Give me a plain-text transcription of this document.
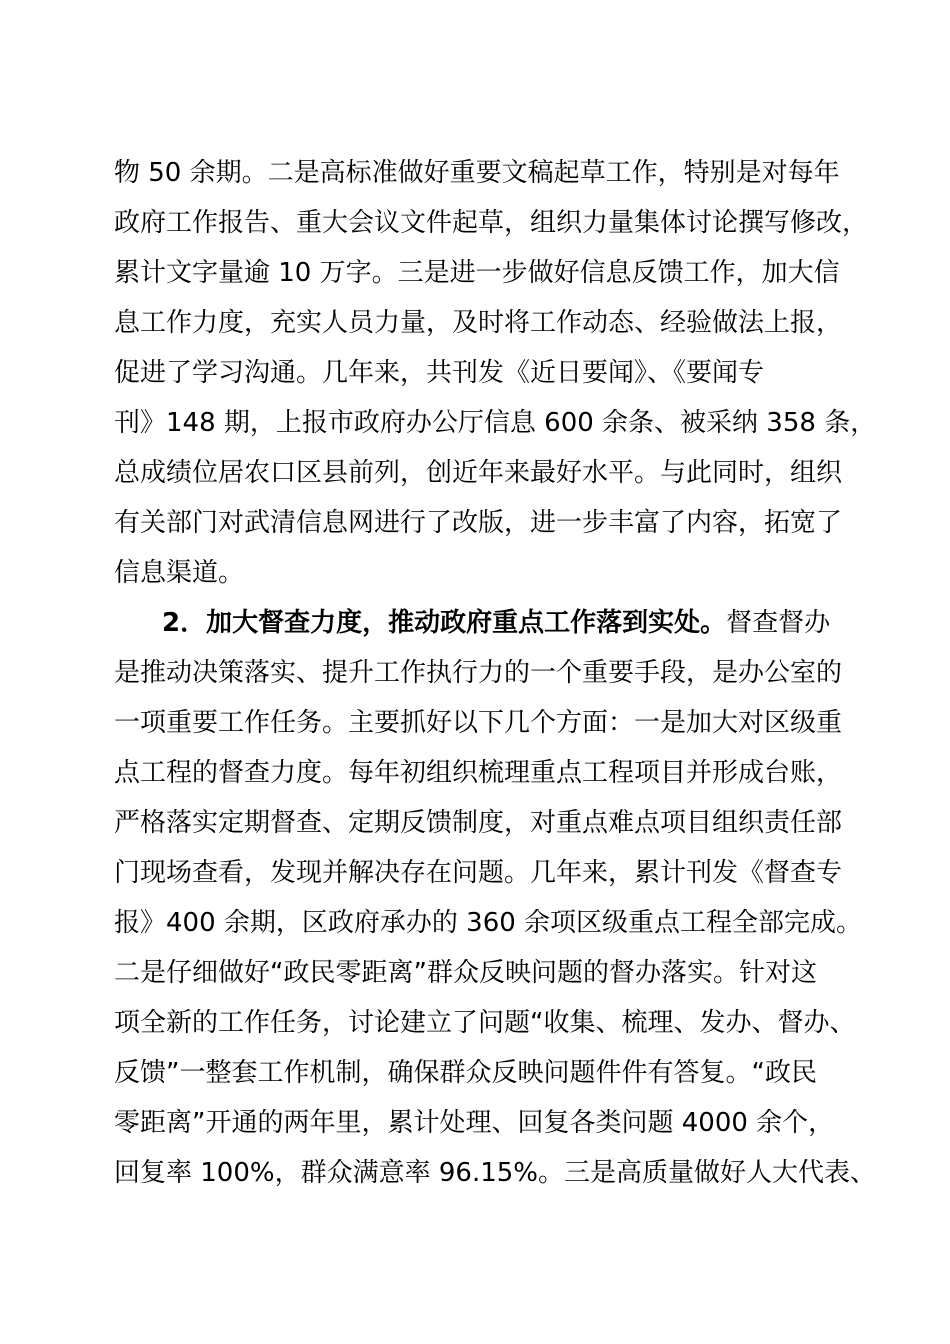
物 50 余期。二是高标准做好重要文稿起草工作，特别是对每年
政府工作报告、重大会议文件起草，组织力量集体讨论撰写修改，
累计文字量逾 10 万字。三是进一步做好信息反馈工作，加大信
息工作力度，充实人员力量，及时将工作动态、经验做法上报，
促进了学习沟通。几年来，共刊发《近日要闻》、《要闻专
刊》148 期，上报市政府办公厅信息 600 余条、被采纳 358 条，
总成绩位居农口区县前列，创近年来最好水平。与此同时，组织
有关部门对武清信息网进行了改版，进一步丰富了内容，拓宽了
信息渠道。
2．加大督查力度，推动政府重点工作落到实处。督查督办
是推动决策落实、提升工作执行力的一个重要手段，是办公室的
一项重要工作任务。主要抓好以下几个方面：一是加大对区级重
点工程的督查力度。每年初组织梳理重点工程项目并形成台账，
严格落实定期督查、定期反馈制度，对重点难点项目组织责任部
门现场查看，发现并解决存在问题。几年来，累计刊发《督查专
报》400 余期，区政府承办的 360 余项区级重点工程全部完成。
二是仔细做好“政民零距离”群众反映问题的督办落实。针对这
项全新的工作任务，讨论建立了问题“收集、梳理、发办、督办、
反馈”一整套工作机制，确保群众反映问题件件有答复。“政民
零距离”开通的两年里，累计处理、回复各类问题 4000 余个，
回复率 100%，群众满意率 96.15%。三是高质量做好人大代表、
